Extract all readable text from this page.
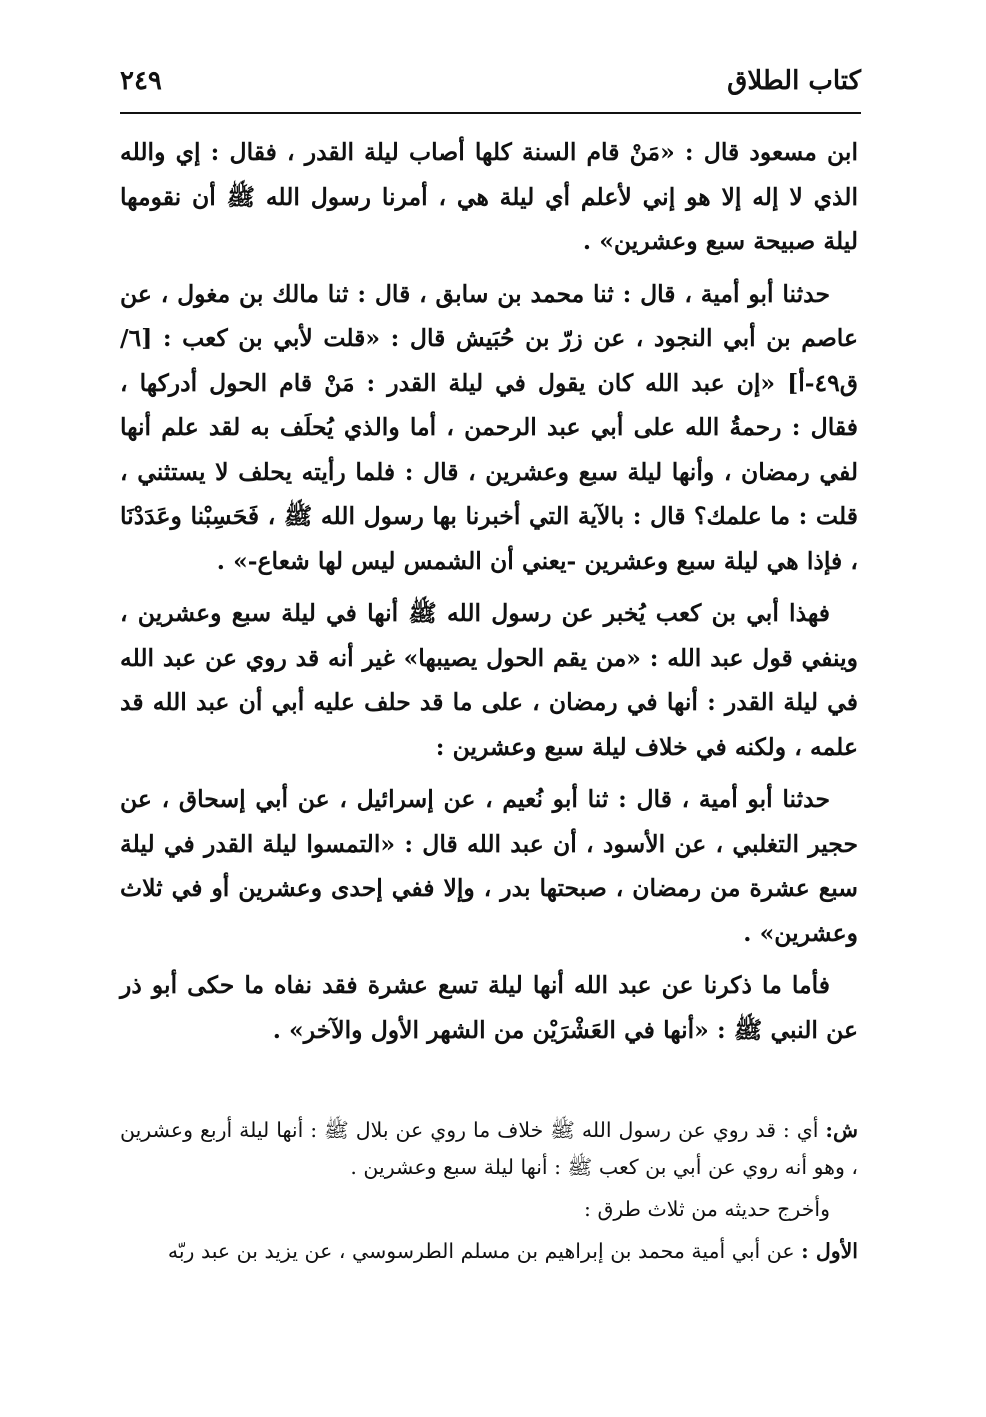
كتاب الطلاق
٢٤٩

ابن مسعود قال : «مَنْ قام السنة كلها أصاب ليلة القدر ، فقال : إي والله الذي لا إله إلا هو إني لأعلم أي ليلة هي ، أمرنا رسول الله ﷺ أن نقومها ليلة صبيحة سبع وعشرين» .

حدثنا أبو أمية ، قال : ثنا محمد بن سابق ، قال : ثنا مالك بن مغول ، عن عاصم بن أبي النجود ، عن زرّ بن حُبَيش قال : «قلت لأبي بن كعب : [٦/ ق٤٩-أ] «إن عبد الله كان يقول في ليلة القدر : مَنْ قام الحول أدركها ، فقال : رحمةُ الله على أبي عبد الرحمن ، أما والذي يُحلَف به لقد علم أنها لفي رمضان ، وأنها ليلة سبع وعشرين ، قال : فلما رأيته يحلف لا يستثني ، قلت : ما علمك؟ قال : بالآية التي أخبرنا بها رسول الله ﷺ ، فَحَسِبْنا وعَدَدْنَا ، فإذا هي ليلة سبع وعشرين -يعني أن الشمس ليس لها شعاع-» .

فهذا أبي بن كعب يُخبر عن رسول الله ﷺ أنها في ليلة سبع وعشرين ، وينفي قول عبد الله : «من يقم الحول يصيبها» غير أنه قد روي عن عبد الله في ليلة القدر : أنها في رمضان ، على ما قد حلف عليه أبي أن عبد الله قد علمه ، ولكنه في خلاف ليلة سبع وعشرين :

حدثنا أبو أمية ، قال : ثنا أبو نُعيم ، عن إسرائيل ، عن أبي إسحاق ، عن حجير التغلبي ، عن الأسود ، أن عبد الله قال : «التمسوا ليلة القدر في ليلة سبع عشرة من رمضان ، صبحتها بدر ، وإلا ففي إحدى وعشرين أو في ثلاث وعشرين» .

فأما ما ذكرنا عن عبد الله أنها ليلة تسع عشرة فقد نفاه ما حكى أبو ذر عن النبي ﷺ : «أنها في العَشْرَيْن من الشهر الأول والآخر» .

ش: أي : قد روي عن رسول الله ﷺ خلاف ما روي عن بلال ﷺ : أنها ليلة أربع وعشرين ، وهو أنه روي عن أبي بن كعب ﷺ : أنها ليلة سبع وعشرين .

وأخرج حديثه من ثلاث طرق :

الأول : عن أبي أمية محمد بن إبراهيم بن مسلم الطرسوسي ، عن يزيد بن عبد ربّه
